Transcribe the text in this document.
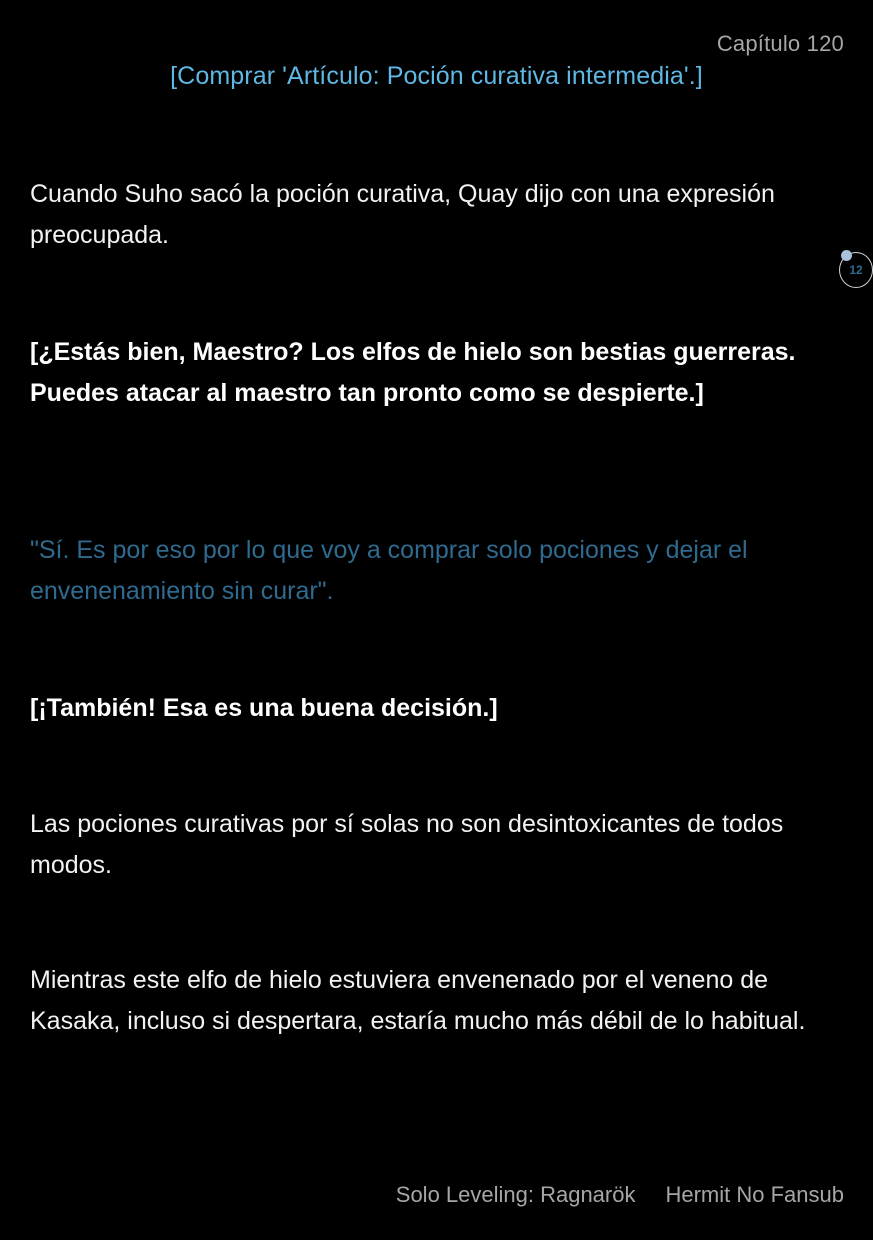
Capítulo 120
[Comprar 'Artículo: Poción curativa intermedia'.]

Cuando Suho sacó la poción curativa, Quay dijo con una expresión preocupada.

[¿Estás bien, Maestro? Los elfos de hielo son bestias guerreras. Puedes atacar al maestro tan pronto como se despierte.]

"Sí. Es por eso por lo que voy a comprar solo pociones y dejar el envenenamiento sin curar".

[¡También! Esa es una buena decisión.]

Las pociones curativas por sí solas no son desintoxicantes de todos modos.

Mientras este elfo de hielo estuviera envenenado por el veneno de Kasaka, incluso si despertara, estaría mucho más débil de lo habitual.

12
Solo Leveling: Ragnarök Hermit No Fansub
